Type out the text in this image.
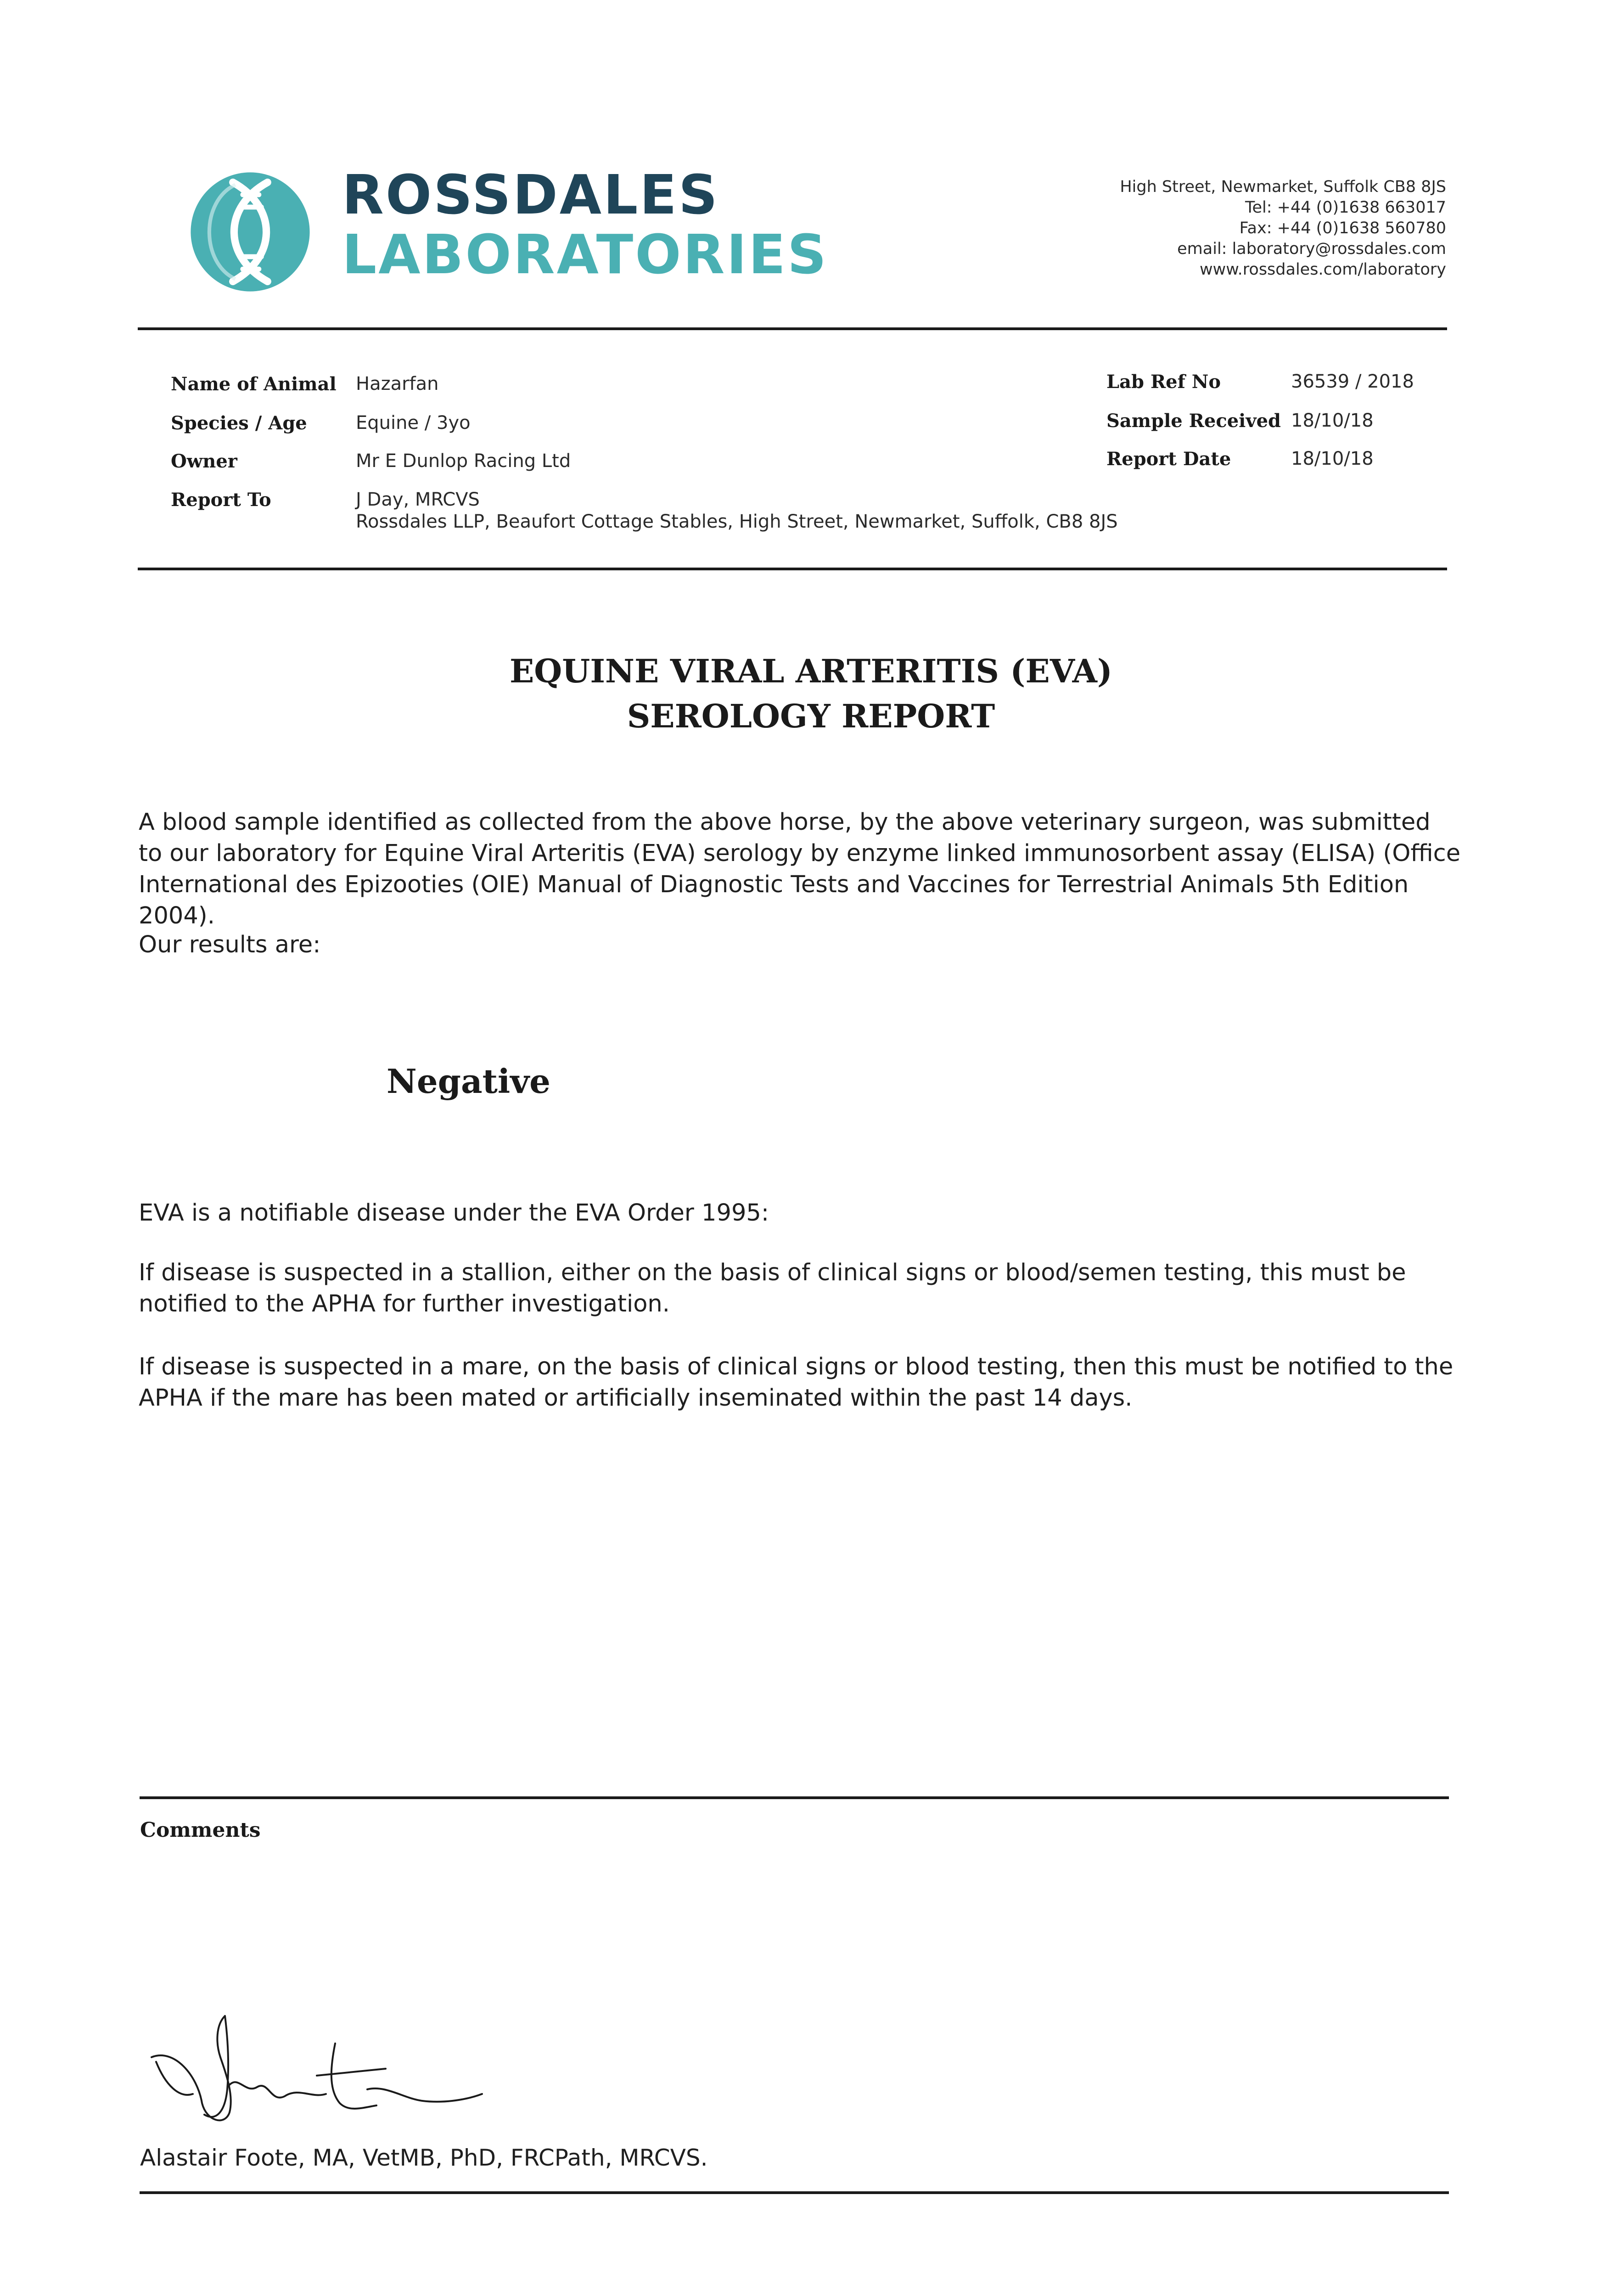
ROSSDALES
LABORATORIES
High Street, Newmarket, Suffolk CB8 8JS
Tel: +44 (0)1638 663017
Fax: +44 (0)1638 560780
email: laboratory@rossdales.com
www.rossdales.com/laboratory
Name of Animal Hazarfan
Species / Age	Equine / 3yo
Owner	Mr E Dunlop Racing Ltd
Report To	J Day, MRCVS
Rossdales LLP, Beaufort Cottage Stables, High Street, Newmarket, Suffolk, CB8 8JS
Lab Ref No	36539 / 2018
Sample Received 18/10/18
Report Date	18/10/18
EQUINE VIRAL ARTERITIS (EVA)
SEROLOGY REPORT
A blood sample identified as collected from the above horse, by the above veterinary surgeon, was submitted to our laboratory for Equine Viral Arteritis (EVA) serology by enzyme linked immunosorbent assay (ELISA) (Office International des Epizooties (OIE) Manual of Diagnostic Tests and Vaccines for Terrestrial Animals 5th Edition 2004).
Our results are:
Negative
EVA is a notifiable disease under the EVA Order 1995:
If disease is suspected in a stallion, either on the basis of clinical signs or blood/semen testing, this must be notified to the APHA for further investigation.
If disease is suspected in a mare, on the basis of clinical signs or blood testing, then this must be notified to the APHA if the mare has been mated or artificially inseminated within the past 14 days.
Comments
Alastair Foote, MA, VetMB, PhD, FRCPath, MRCVS.
